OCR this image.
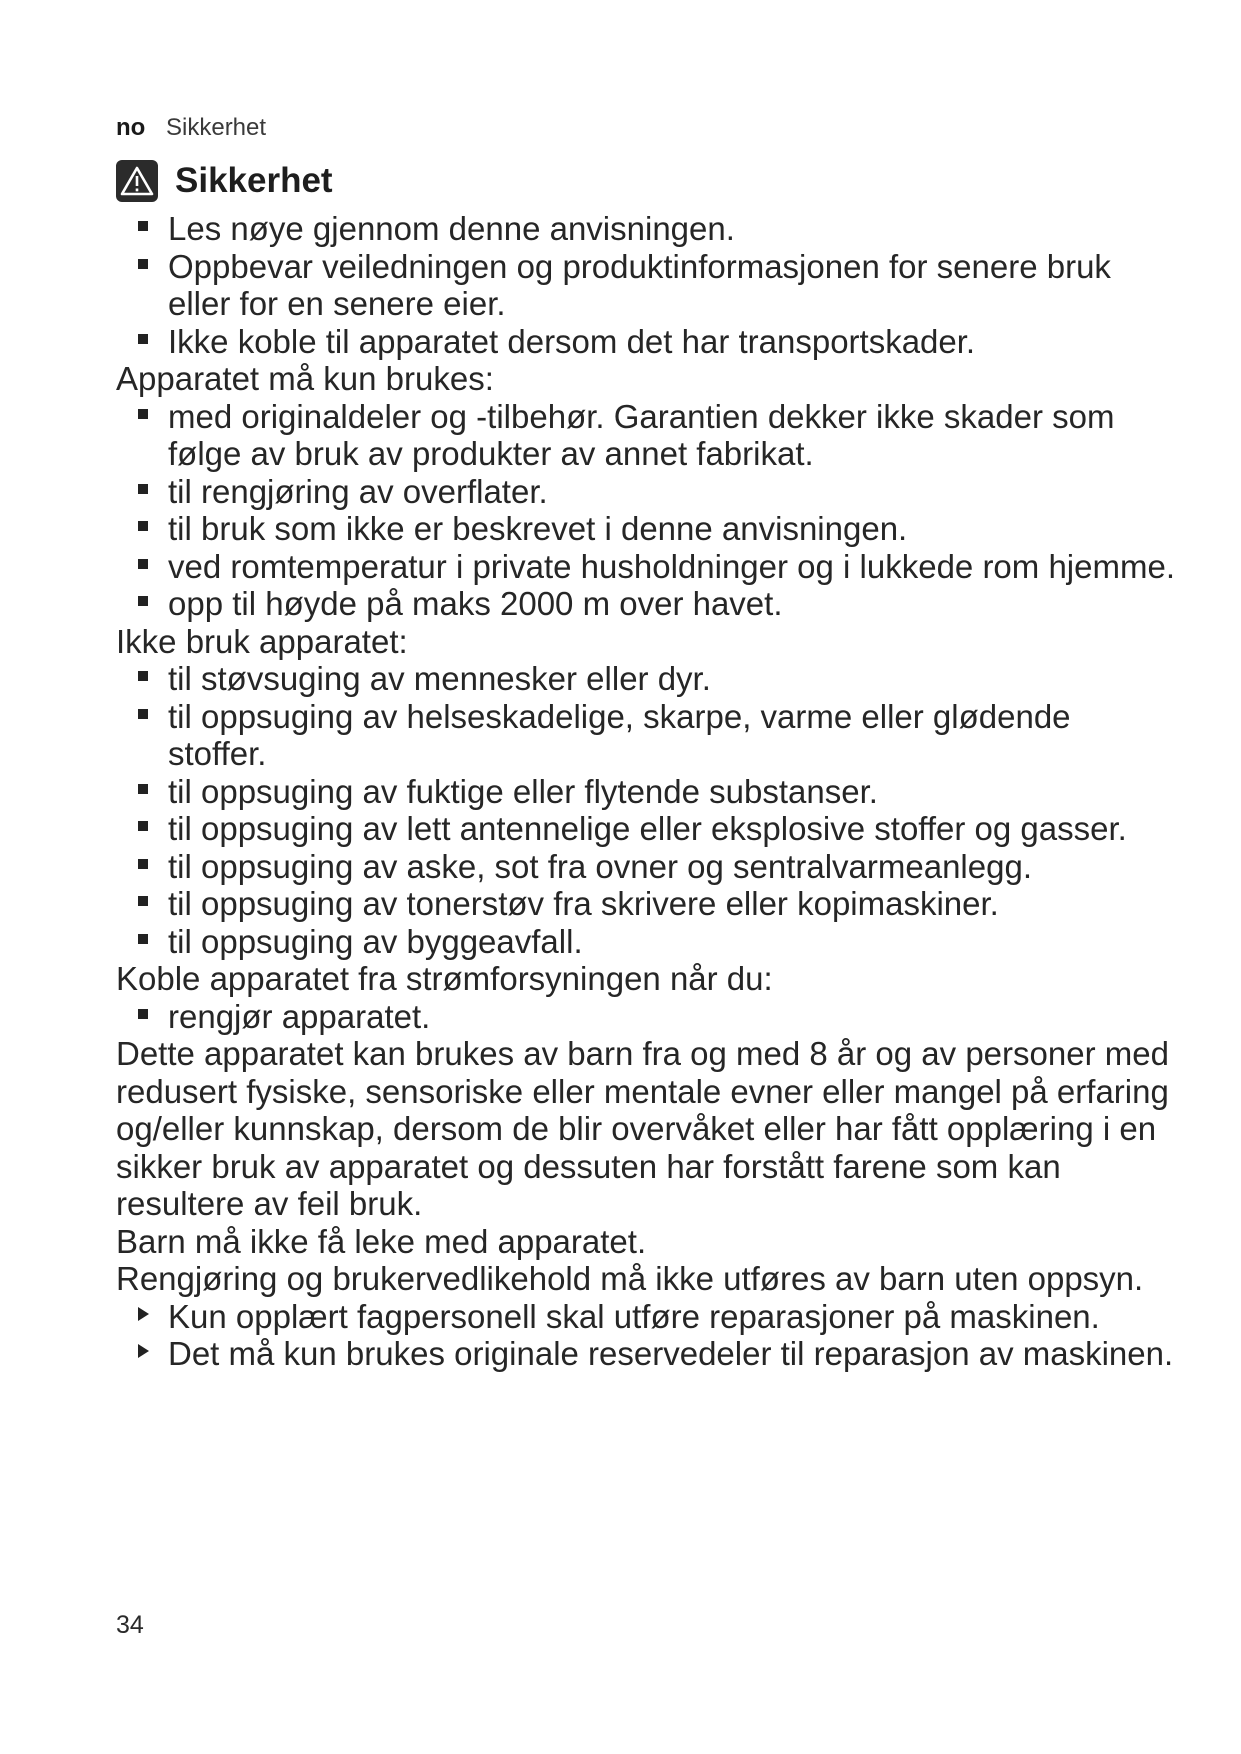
no Sikkerhet
Sikkerhet

Les nøye gjennom denne anvisningen.

Oppbevar veiledningen og produktinformasjonen for senere bruk eller for en senere eier.

Ikke koble til apparatet dersom det har transportskader.

Apparatet må kun brukes:

med originaldeler og -tilbehør. Garantien dekker ikke skader som følge av bruk av produkter av annet fabrikat.

til rengjøring av overflater.

til bruk som ikke er beskrevet i denne anvisningen.

ved romtemperatur i private husholdninger og i lukkede rom hjemme.

opp til høyde på maks 2000 m over havet.

Ikke bruk apparatet:

til støvsuging av mennesker eller dyr.

til oppsuging av helseskadelige, skarpe, varme eller glødende stoffer.

til oppsuging av fuktige eller flytende substanser.

til oppsuging av lett antennelige eller eksplosive stoffer og gasser.

til oppsuging av aske, sot fra ovner og sentralvarmeanlegg.

til oppsuging av tonerstøv fra skrivere eller kopimaskiner.

til oppsuging av byggeavfall.

Koble apparatet fra strømforsyningen når du:

rengjør apparatet.

Dette apparatet kan brukes av barn fra og med 8 år og av personer med redusert fysiske, sensoriske eller mentale evner eller mangel på erfaring og/eller kunnskap, dersom de blir overvåket eller har fått opplæring i en sikker bruk av apparatet og dessuten har forstått farene som kan resultere av feil bruk.

Barn må ikke få leke med apparatet.

Rengjøring og brukervedlikehold må ikke utføres av barn uten oppsyn.

Kun opplært fagpersonell skal utføre reparasjoner på maskinen.

Det må kun brukes originale reservedeler til reparasjon av maskinen.

34
